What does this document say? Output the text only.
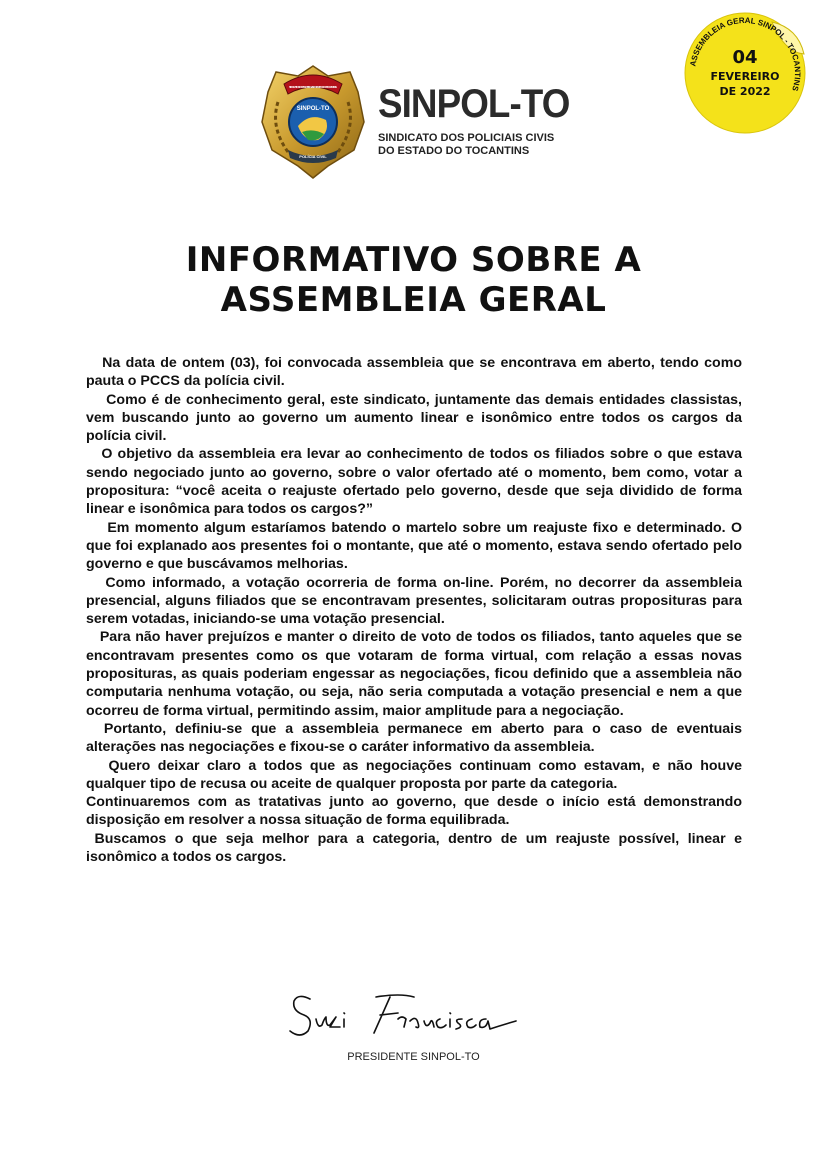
SINDICATO DOS POLICIAIS CIVIS DO ESTADO DO TOCANTINS
SINPOL-TO
POLÍCIA CIVIL
SINPOL-TO
SINDICATO DOS POLICIAIS CIVIS
DO ESTADO DO TOCANTINS
ASSEMBLEIA GERAL SINPOL - TOCANTINS
04
FEVEREIRO
DE 2022
INFORMATIVO SOBRE A
ASSEMBLEIA GERAL

Na data de ontem (03), foi convocada assembleia que se encontrava em aberto, tendo como pauta o PCCS da polícia civil.

Como é de conhecimento geral, este sindicato, juntamente das demais entidades classistas, vem buscando junto ao governo um aumento linear e isonômico entre todos os cargos da polícia civil.

O objetivo da assembleia era levar ao conhecimento de todos os filiados sobre o que estava sendo negociado junto ao governo, sobre o valor ofertado até o momento, bem como, votar a propositura: “você aceita o reajuste ofertado pelo governo, desde que seja dividido de forma linear e isonômica para todos os cargos?”

Em momento algum estaríamos batendo o martelo sobre um reajuste fixo e determinado. O que foi explanado aos presentes foi o montante, que até o momento, estava sendo ofertado pelo governo e que buscávamos melhorias.

Como informado, a votação ocorreria de forma on-line. Porém, no decorrer da assembleia presencial, alguns filiados que se encontravam presentes, solicitaram outras proposituras para serem votadas, iniciando-se uma votação presencial.

Para não haver prejuízos e manter o direito de voto de todos os filiados, tanto aqueles que se encontravam presentes como os que votaram de forma virtual, com relação a essas novas proposituras, as quais poderiam engessar as negociações, ficou definido que a assembleia não computaria nenhuma votação, ou seja, não seria computada a votação presencial e nem a que ocorreu de forma virtual, permitindo assim, maior amplitude para a negociação.

Portanto, definiu-se que a assembleia permanece em aberto para o caso de eventuais alterações nas negociações e fixou-se o caráter informativo da assembleia.

Quero deixar claro a todos que as negociações continuam como estavam, e não houve qualquer tipo de recusa ou aceite de qualquer proposta por parte da categoria.

Continuaremos com as tratativas junto ao governo, que desde o início está demonstrando disposição em resolver a nossa situação de forma equilibrada.

Buscamos o que seja melhor para a categoria, dentro de um reajuste possível, linear e isonômico a todos os cargos.

PRESIDENTE SINPOL-TO
